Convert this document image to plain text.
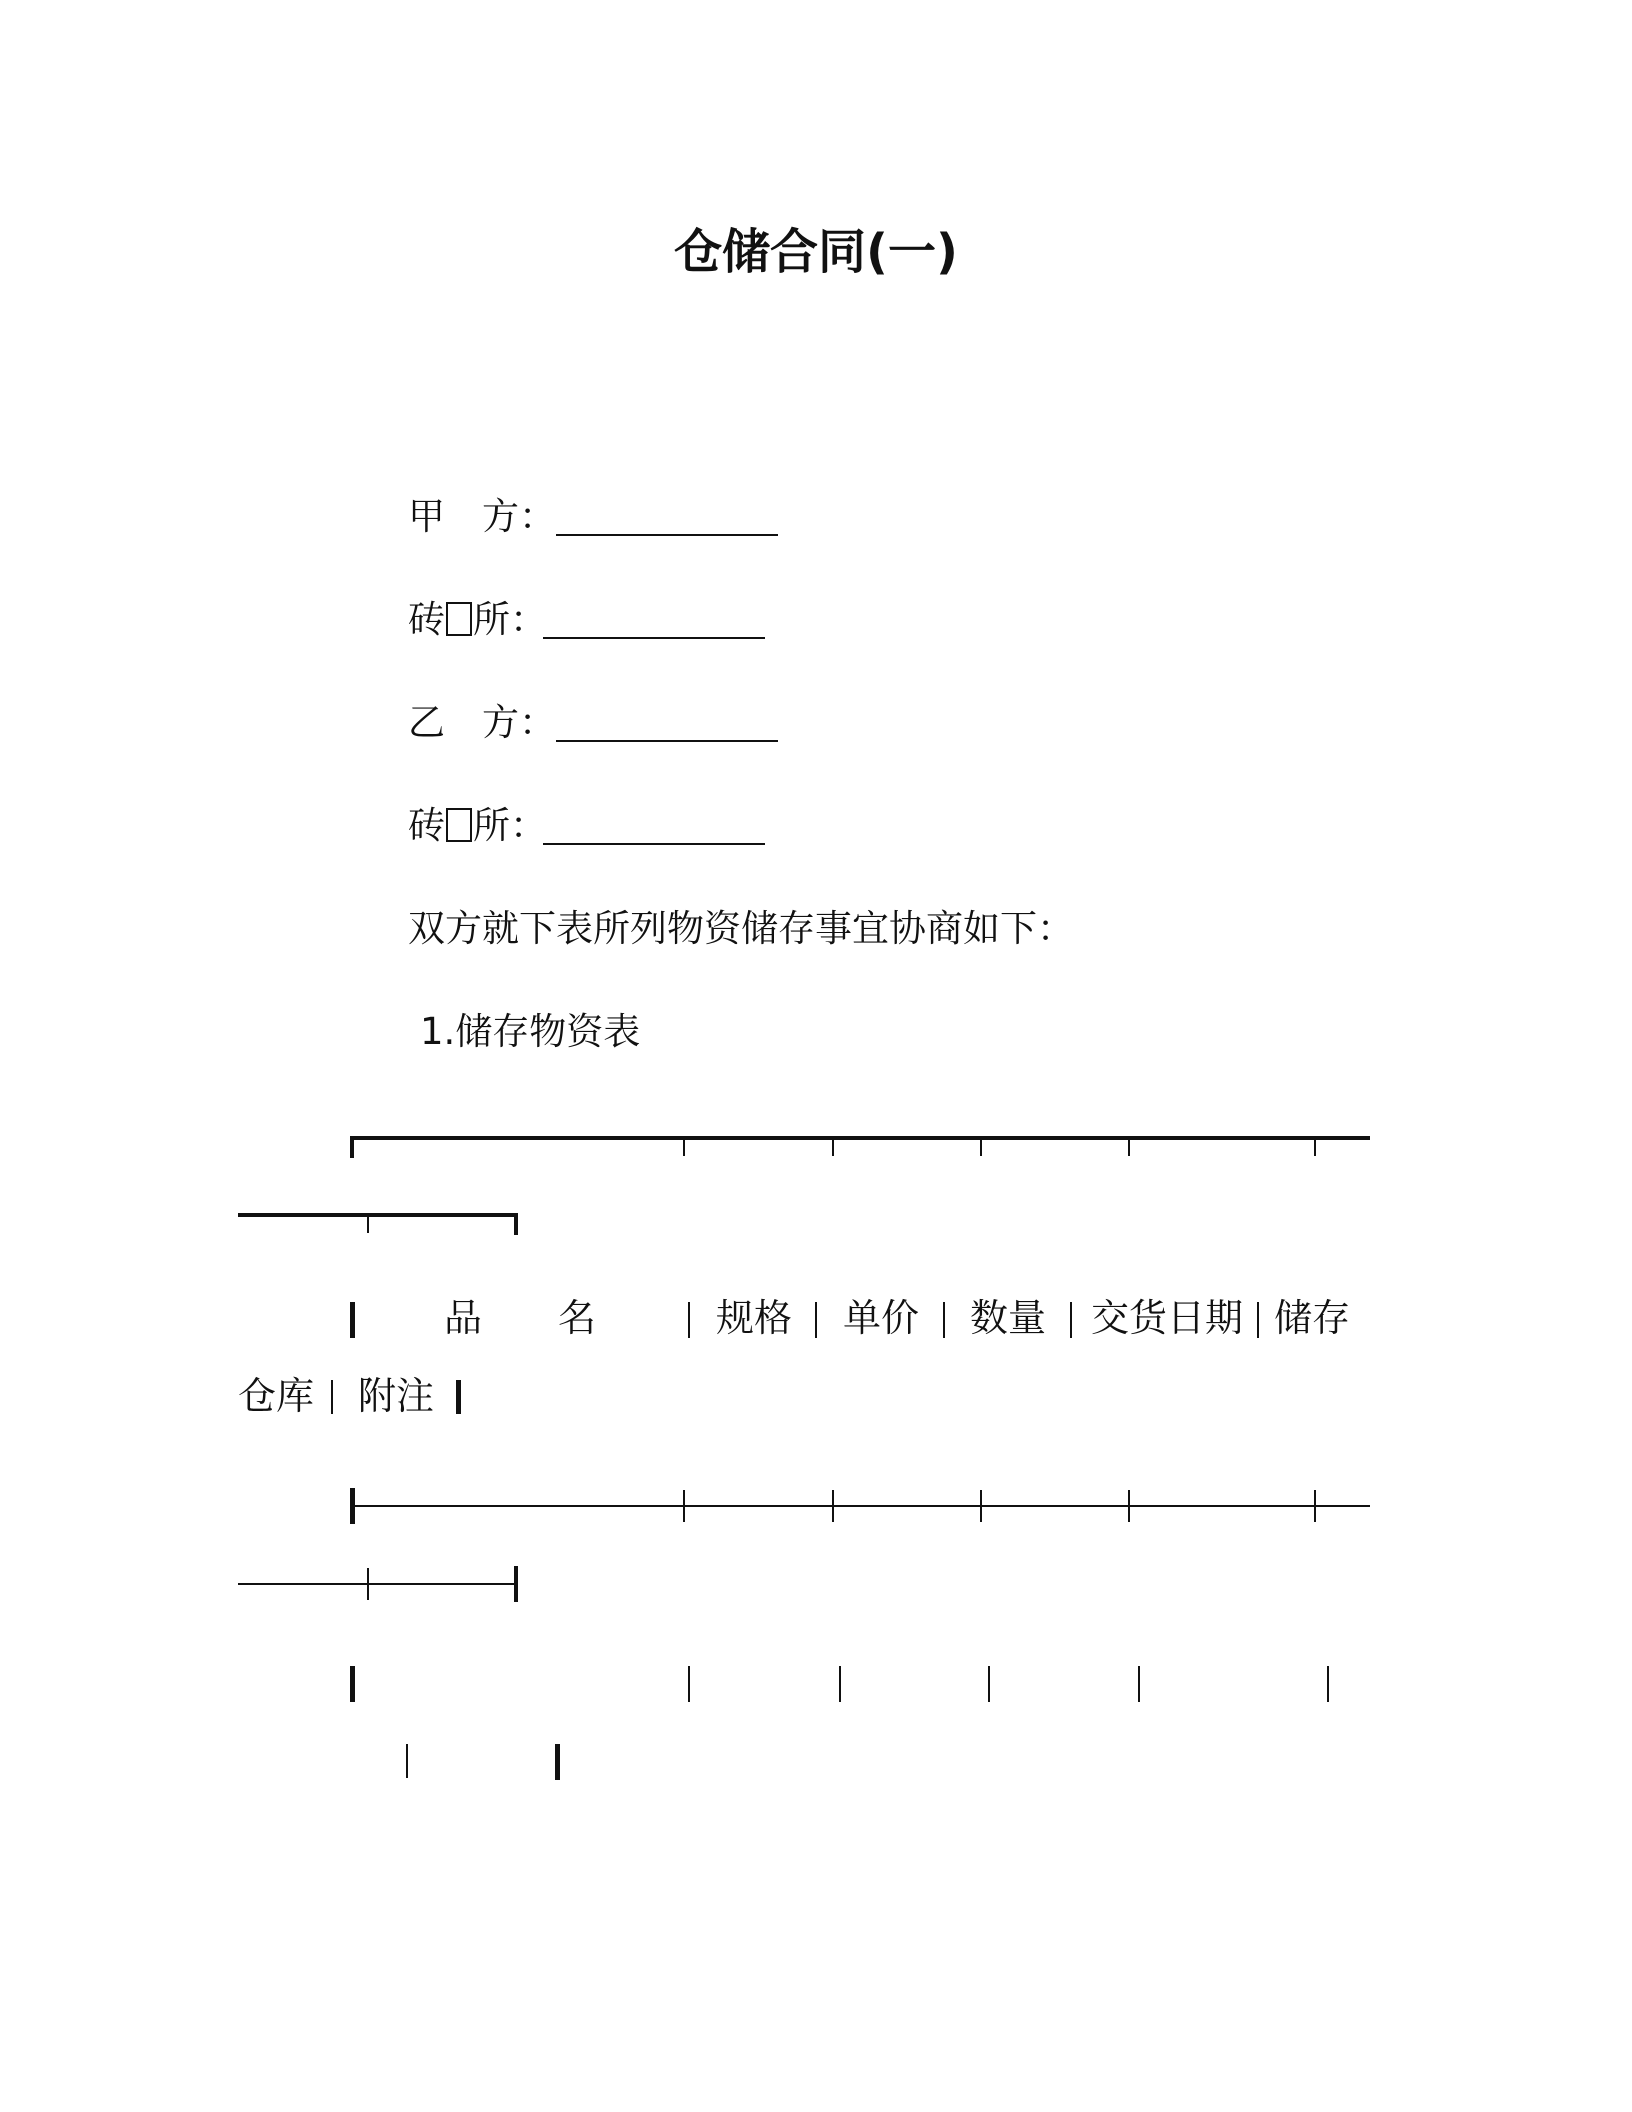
仓储合同(一)
甲　方：
砖 所：
乙　方：
砖 所：
双方就下表所列物资储存事宜协商如下：
1.储存物资表
品　　名	规格 单价 数量 交货日期 储存
仓库 附注
